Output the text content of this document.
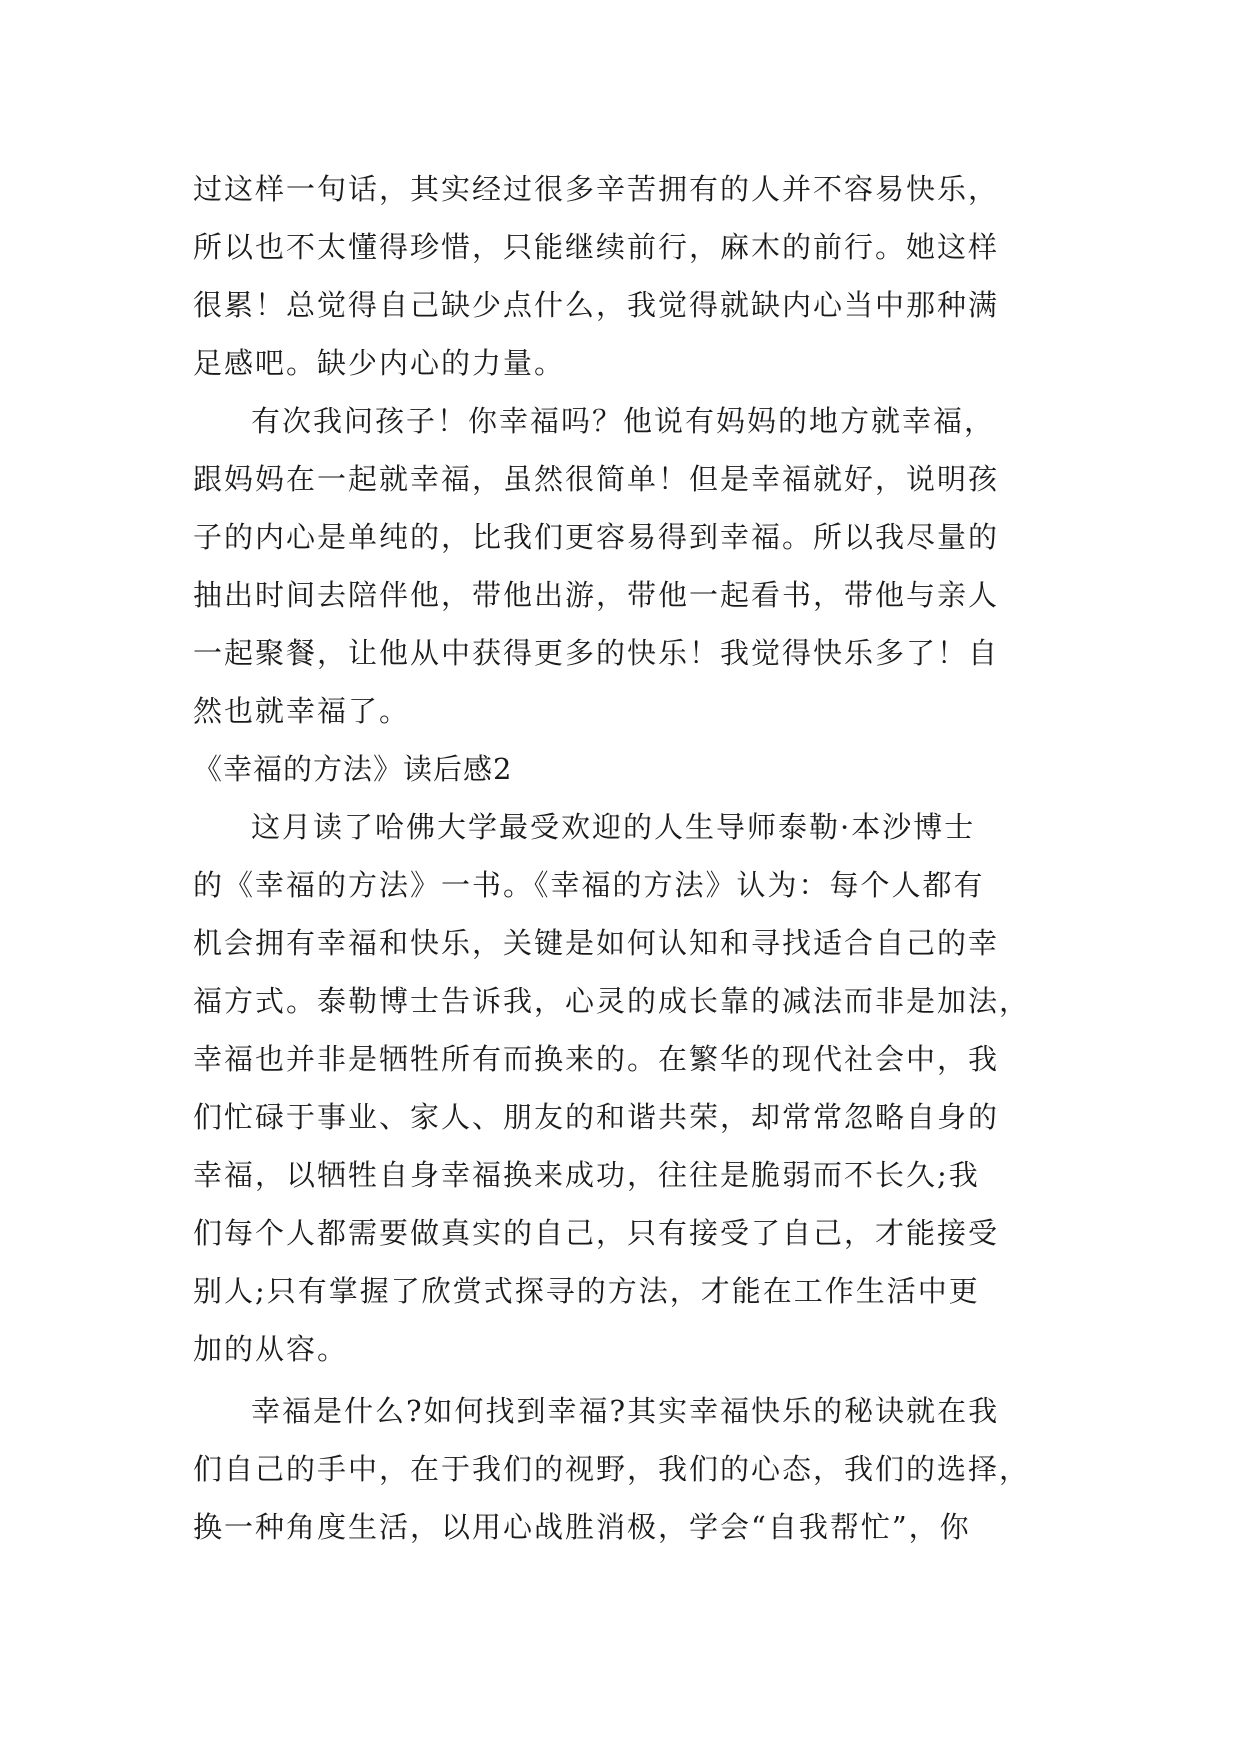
过这样一句话，其实经过很多辛苦拥有的人并不容易快乐，
所以也不太懂得珍惜，只能继续前行，麻木的前行。她这样
很累！总觉得自己缺少点什么，我觉得就缺内心当中那种满
足感吧。缺少内心的力量。
有次我问孩子！你幸福吗？他说有妈妈的地方就幸福，
跟妈妈在一起就幸福，虽然很简单！但是幸福就好，说明孩
子的内心是单纯的，比我们更容易得到幸福。所以我尽量的
抽出时间去陪伴他，带他出游，带他一起看书，带他与亲人
一起聚餐，让他从中获得更多的快乐！我觉得快乐多了！自
然也就幸福了。
《幸福的方法》读后感2
这月读了哈佛大学最受欢迎的人生导师泰勒·本沙博士
的《幸福的方法》一书。《幸福的方法》认为：每个人都有
机会拥有幸福和快乐，关键是如何认知和寻找适合自己的幸
福方式。泰勒博士告诉我，心灵的成长靠的减法而非是加法，
幸福也并非是牺牲所有而换来的。在繁华的现代社会中，我
们忙碌于事业、家人、朋友的和谐共荣，却常常忽略自身的
幸福，以牺牲自身幸福换来成功，往往是脆弱而不长久;我
们每个人都需要做真实的自己，只有接受了自己，才能接受
别人;只有掌握了欣赏式探寻的方法，才能在工作生活中更
加的从容。
幸福是什么?如何找到幸福?其实幸福快乐的秘诀就在我
们自己的手中，在于我们的视野，我们的心态，我们的选择，
换一种角度生活，以用心战胜消极，学会“自我帮忙”，你
